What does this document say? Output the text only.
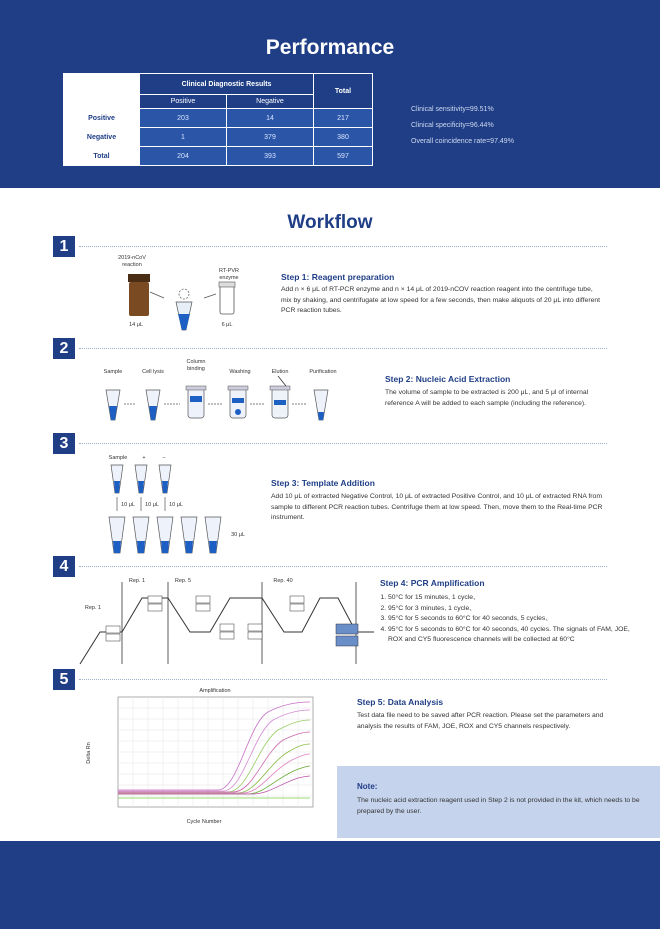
Performance
	Clinical Diagnostic Results		Total
	Positive	Negative	
Positive	203	14	217
Negative	1	379	380
Total	204	393	597
Clinical sensitivity=99.51%
Clinical specificity=96.44%
Overall coincidence rate=97.49%
Workflow
1
2019-nCoV reaction
RT-PVR enzyme
14 μL	6 μL
Step 1: Reagent preparation
Add n × 6 μL of RT-PCR enzyme and n × 14 μL of 2019-nCOV reaction reagent into the centrifuge tube, mix by shaking, and centrifugate at low speed for a few seconds, then make aliquots of 20 μL into different PCR reaction tubes.
2
Sample	Cell lysis
Column binding	Washing	Elution	Purification
Step 2: Nucleic Acid Extraction
The volume of sample to be extracted is 200 μL, and 5 μl of internal reference A will be added to each sample (including the reference).
3
Sample	+	−
10 μL	10 μL	10 μL
30 μL
Step 3: Template Addition
Add 10 μL of extracted Negative Control, 10 μL of extracted Positive Control, and 10 μL of extracted RNA from sample to different PCR reaction tubes. Centrifuge them at low speed. Then, move them to the Real-time PCR instrument.
4
Rep. 1
Rep. 1	Rep. 5	Rep. 40	Step 4: PCR Amplification
1. 50°C for 15 minutes, 1 cycle、
2. 95°C for 3 minutes, 1 cycle、
3. 95°C for 5 seconds to 60°C for 40 seconds, 5 cycles、
4. 95°C for 5 seconds to 60°C for 40 seconds, 40 cycles. The signals of FAM, JOE, ROX and CY5 fluorescence channels will be collected at 60°C
5
Amplification
Cycle Number
Delta Rn
Step 5: Data Analysis
Test data file need to be saved after PCR reaction. Please set the parameters and analysis the results of FAM, JOE, ROX and CY5 channels respectively.
Note:
The nucleic acid extraction reagent used in Step 2 is not provided in the kit, which needs to be prepared by the user.
